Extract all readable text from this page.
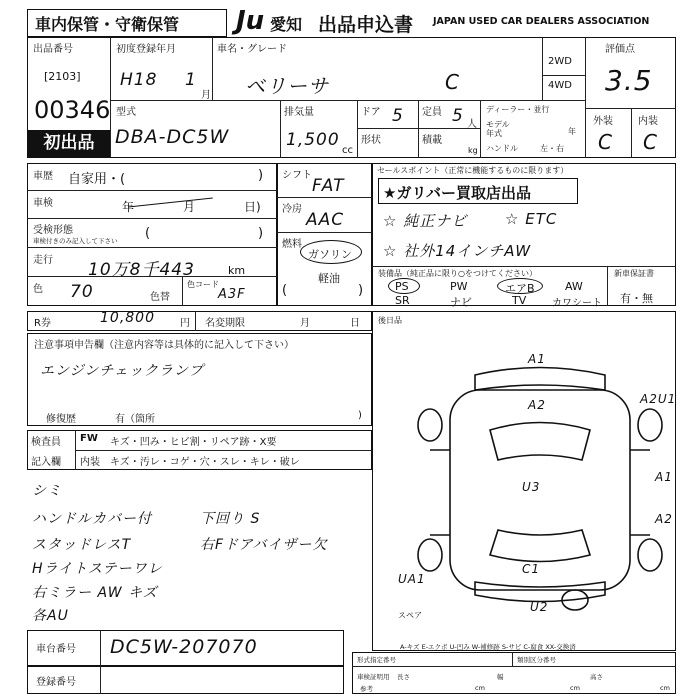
車内保管・守衛保管 Ju 愛知 出品申込書 JAPAN USED CAR DEALERS ASSOCIATION
出品番号
[2103]
00346
初出品
初度登録年月
H18 1
月
車名・グレード
ベリーサ	C
2WD
4WD
評価点
3.5
外装	内装
C C
型式
DBA-DC5W
排気量
1,500
cc
ドア 5 定員 5 人
形状	積載
kg
ディーラー・並行
モデル年式	年
ハンドル	左・右
車歴 自家用・(	)
車検	年	月	日)
受検形態
車検付きのみ記入して下さい (	)
走行 10万8千443	km
色 70	色替
色コード
A3F
シフト
FAT
冷房
AAC
燃料
ガソリン
軽油
(	)
セールスポイント（正常に機能するものに限ります）
★ガリバー買取店出品
☆ 純正ナビ	☆ ETC
☆ 社外14インチAW
装備品（純正品に限り○をつけてください）	新車保証書
有・無
PS	PW	エアB	AW
SR	ナビ	TV	カワシート
R券	10,800	円 名変期限	月	日
注意事項申告欄（注意内容等は具体的に記入して下さい）
エンジンチェックランプ
修復歴	有（箇所	)
後日品
検査員
記入欄
FW キズ・凹み・ヒビ割・リペア跡・X要
内装 キズ・汚レ・コゲ・穴・スレ・キレ・破レ
シミ
ハンドルカバー付
スタッドレスT
Hライトステーワレ
右ミラー AW キズ
各AU
下回り S
右Fドアバイザー欠
A1
A2	A2U1
A1
A2
U3
C1
UA1
U2
スペア
A-キズ E-エクボ U-凹み W-補修跡 S-サビ C-腐食 XX-交換済
車台番号 DC5W-207070
登録番号
形式指定番号	類別区分番号
車検証明用
参考
長さ	幅	高さ
cm	cm	cm
